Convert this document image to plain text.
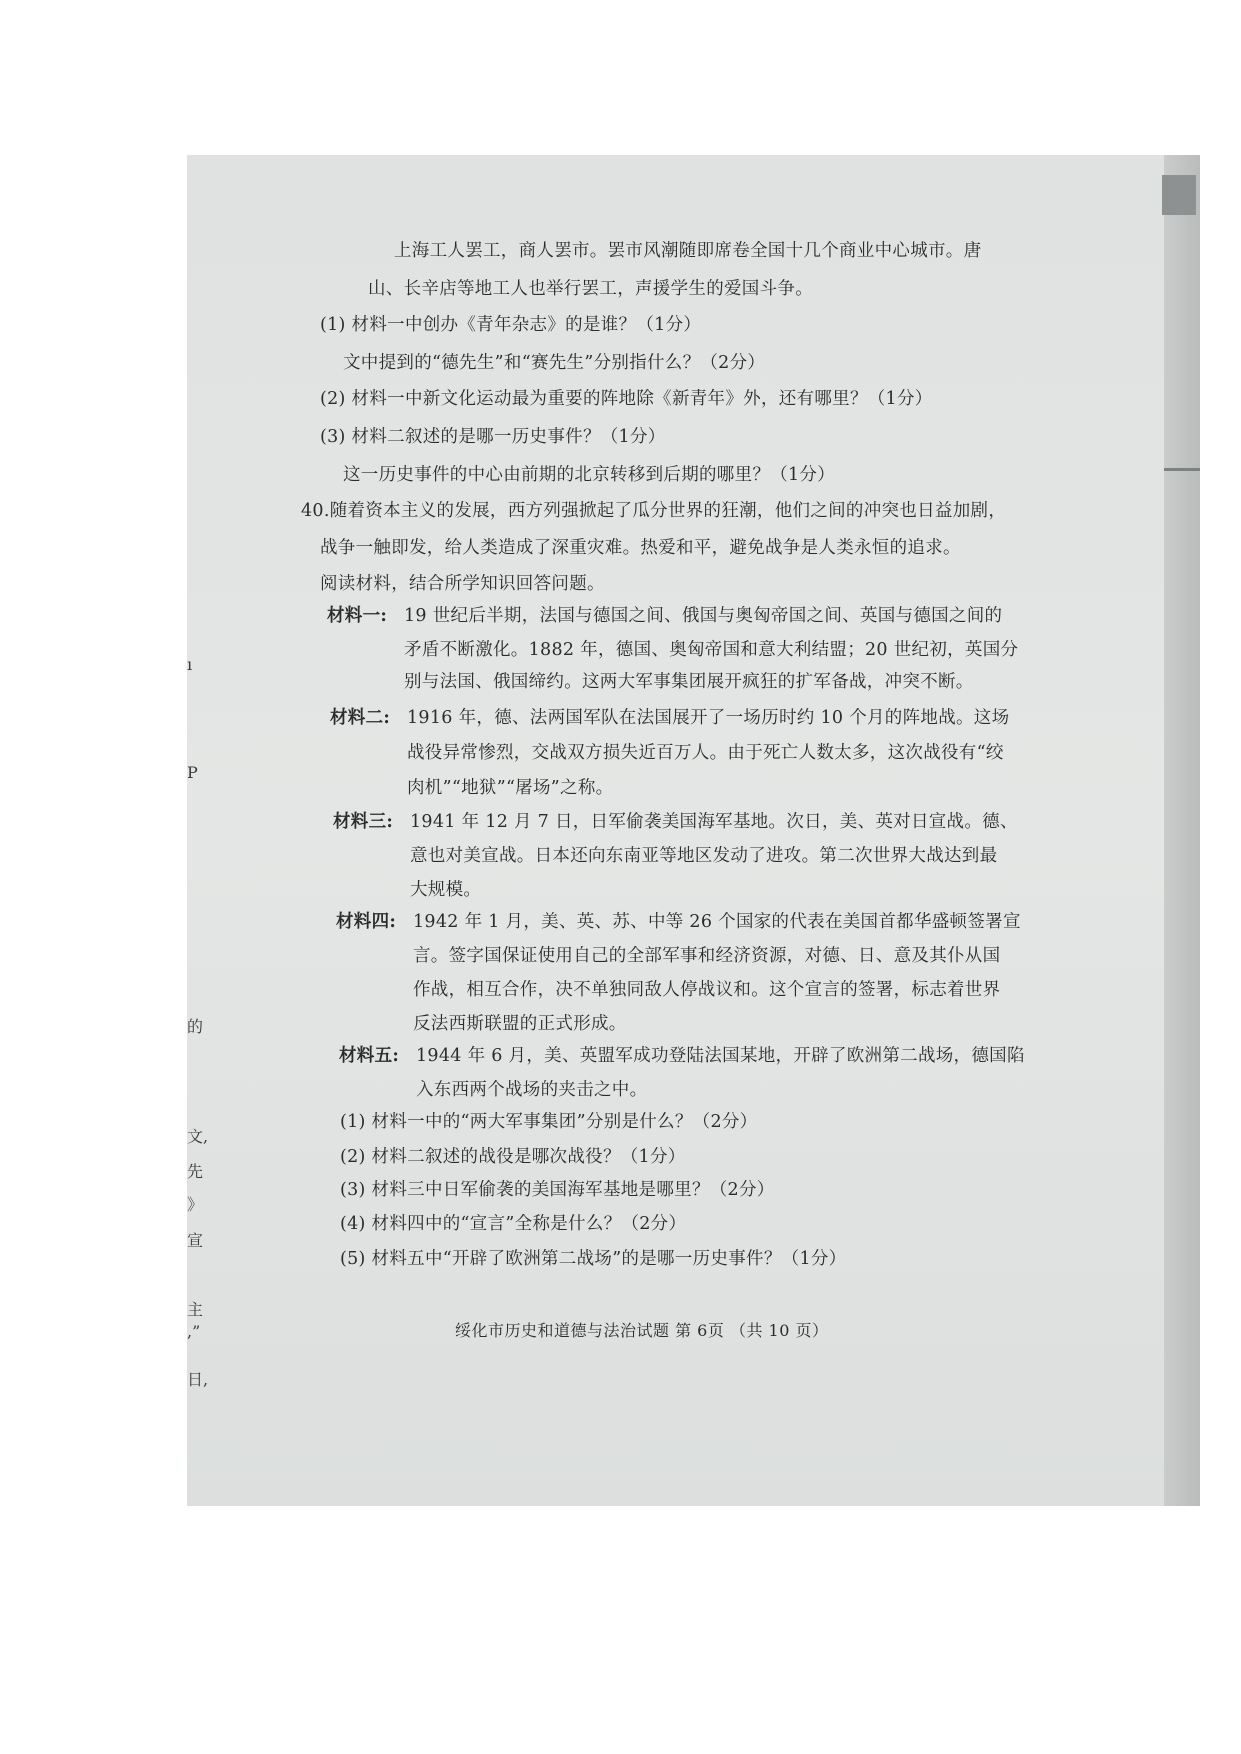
ı
P
的
文,
先
》
宣
主
,”
日,
上海工人罢工，商人罢市。罢市风潮随即席卷全国十几个商业中心城市。唐
山、长辛店等地工人也举行罢工，声援学生的爱国斗争。
(1) 材料一中创办《青年杂志》的是谁？（1分）
文中提到的“德先生”和“赛先生”分别指什么？（2分）
(2) 材料一中新文化运动最为重要的阵地除《新青年》外，还有哪里？（1分）
(3) 材料二叙述的是哪一历史事件？（1分）
这一历史事件的中心由前期的北京转移到后期的哪里？（1分）
40.随着资本主义的发展，西方列强掀起了瓜分世界的狂潮，他们之间的冲突也日益加剧，
战争一触即发，给人类造成了深重灾难。热爱和平，避免战争是人类永恒的追求。
阅读材料，结合所学知识回答问题。
材料一: 19 世纪后半期，法国与德国之间、俄国与奥匈帝国之间、英国与德国之间的
矛盾不断激化。1882 年，德国、奥匈帝国和意大利结盟；20 世纪初，英国分
别与法国、俄国缔约。这两大军事集团展开疯狂的扩军备战，冲突不断。
材料二: 1916 年，德、法两国军队在法国展开了一场历时约 10 个月的阵地战。这场
战役异常惨烈，交战双方损失近百万人。由于死亡人数太多，这次战役有“绞
肉机”“地狱”“屠场”之称。
材料三: 1941 年 12 月 7 日，日军偷袭美国海军基地。次日，美、英对日宣战。德、
意也对美宣战。日本还向东南亚等地区发动了进攻。第二次世界大战达到最
大规模。
材料四: 1942 年 1 月，美、英、苏、中等 26 个国家的代表在美国首都华盛顿签署宣
言。签字国保证使用自己的全部军事和经济资源，对德、日、意及其仆从国
作战，相互合作，决不单独同敌人停战议和。这个宣言的签署，标志着世界
反法西斯联盟的正式形成。
材料五: 1944 年 6 月，美、英盟军成功登陆法国某地，开辟了欧洲第二战场，德国陷
入东西两个战场的夹击之中。
(1) 材料一中的“两大军事集团”分别是什么？（2分）
(2) 材料二叙述的战役是哪次战役？（1分）
(3) 材料三中日军偷袭的美国海军基地是哪里？（2分）
(4) 材料四中的“宣言”全称是什么？（2分）
(5) 材料五中“开辟了欧洲第二战场”的是哪一历史事件？（1分）
绥化市历史和道德与法治试题 第 6页 （共 10 页）
